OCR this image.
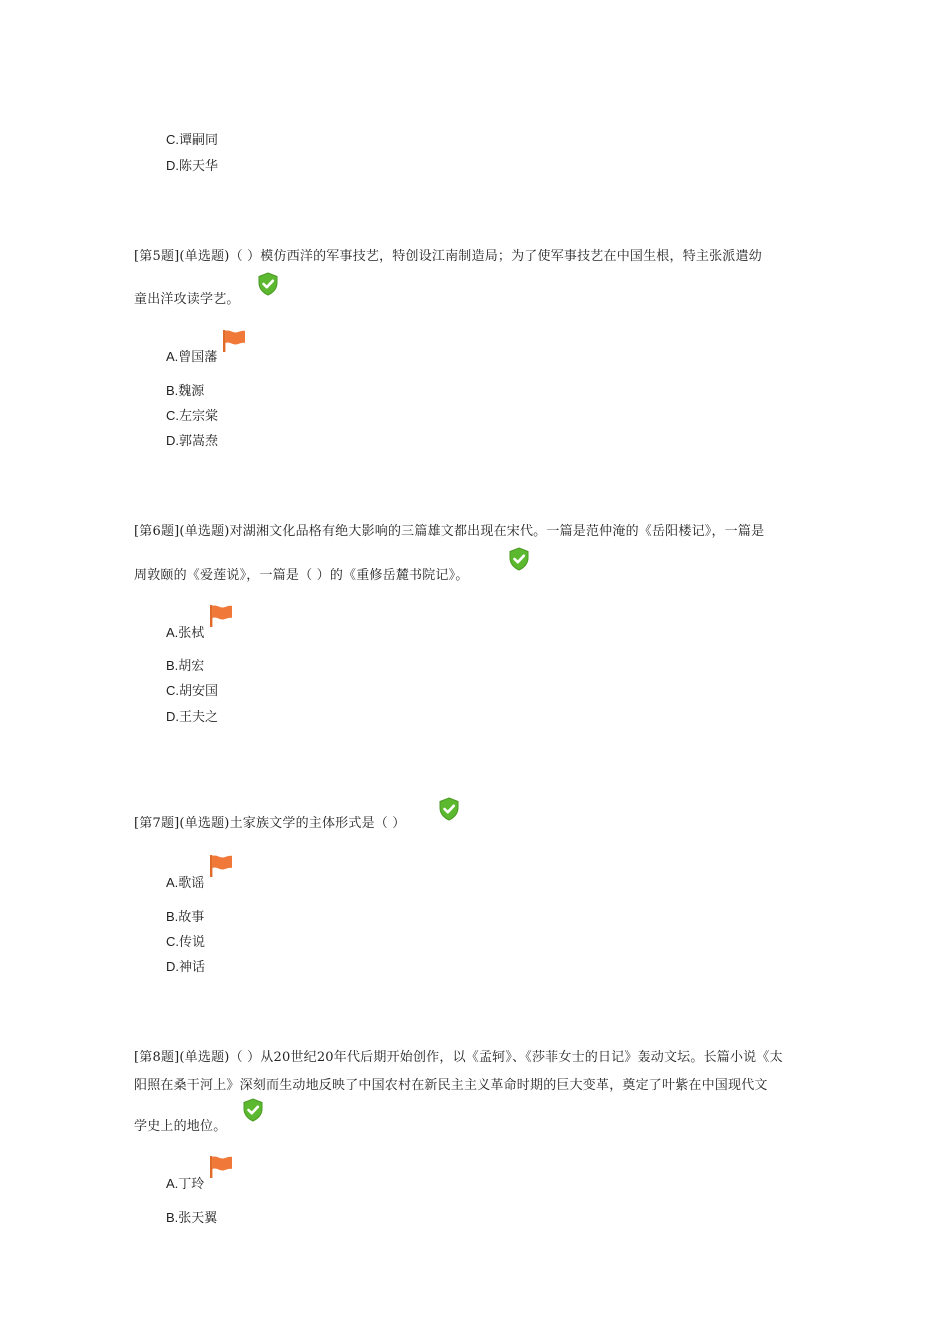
C.谭嗣同
D.陈天华
[第5题](单选题)（ ）模仿西洋的军事技艺，特创设江南制造局；为了使军事技艺在中国生根，特主张派遣幼
童出洋攻读学艺。
A.曾国藩
B.魏源
C.左宗棠
D.郭嵩焘
[第6题](单选题)对湖湘文化品格有绝大影响的三篇雄文都出现在宋代。一篇是范仲淹的《岳阳楼记》，一篇是
周敦颐的《爱莲说》，一篇是（ ）的《重修岳麓书院记》。
A.张栻
B.胡宏
C.胡安国
D.王夫之
[第7题](单选题)土家族文学的主体形式是（ ）
A.歌谣
B.故事
C.传说
D.神话
[第8题](单选题)（ ）从20世纪20年代后期开始创作，以《孟轲》、《莎菲女士的日记》轰动文坛。长篇小说《太
阳照在桑干河上》深刻而生动地反映了中国农村在新民主主义革命时期的巨大变革，奠定了叶紫在中国现代文
学史上的地位。
A.丁玲
B.张天翼
